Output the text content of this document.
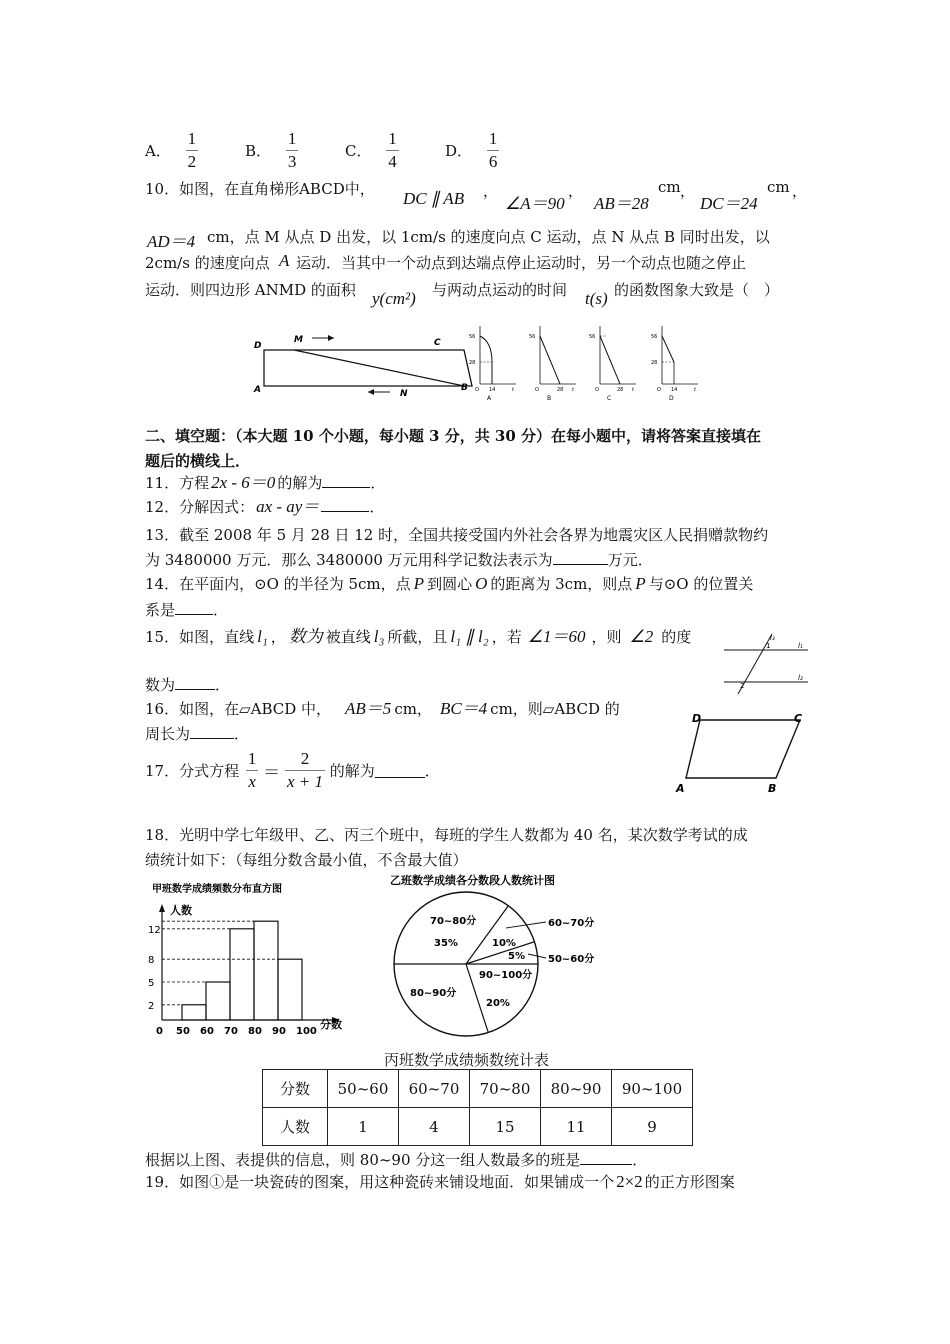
A． $\frac{1}{2}$	B． $\frac{1}{3}$	C． $\frac{1}{4}$	D． $\frac{1}{6}$
10．如图，在直角梯形ABCD中， DC ∥ AB ，
∠A＝90
，
AB＝28
cm ，
DC＝24
cm ，
AD＝4 cm，点 M 从点 D 出发，以 1cm/s 的速度向点 C 运动，点 N 从点 B 同时出发，以
2cm/s 的速度向点 A 运动．当其中一个动点到达端点停止运动时，另一个动点也随之停止
运动．则四边形 ANMD 的面积 y(cm²) 与两动点运动的时间 t(s) 的函数图象大致是（　）
D
M	C
A	N
B
56
28
O 14	t
A
56
O	28 t
B
56
O	28 t
C
56
28
O 14	t
D
二、填空题：（本大题 10 个小题，每小题 3 分，共 30 分）在每小题中，请将答案直接填在
题后的横线上．
11．方程 2x - 6＝0 的解为	．
12．分解因式： ax - ay＝	．
13．截至 2008 年 5 月 28 日 12 时，全国共接受国内外社会各界为地震灾区人民捐赠款物约
为 3480000 万元．那么 3480000 万元用科学记数法表示为	万元．
14．在平面内，⊙O 的半径为 5cm，点 P 到圆心 O 的距离为 3cm，则点 P 与⊙O 的位置关
系是	．
15．如图，直线 l₁ ， 数为 被直线 l₃ 所截，且 l₁ ∥ l₂ ，若 ∠1＝60 ，则 ∠2 的度
数为	．
l₃
l₁
l₂
1
2
16．如图，在▱ABCD 中， AB＝5 cm， BC＝4 cm，则▱ABCD 的
周长为	．
D	C
A	B
17．分式方程 $\frac{1}{x} = \frac{2}{x + 1}$ 的解为	．
18．光明中学七年级甲、乙、丙三个班中，每班的学生人数都为 40 名，某次数学考试的成
绩统计如下：（每组分数含最小值，不含最大值）
甲班数学成绩频数分布直方图
人数
分数
2
5
8
12
0 50 60 70 80 90 100
乙班数学成绩各分数段人数统计图
70~80分
35%	10%
5%
90~100分
20%
80~90分
60~70分
50~60分
丙班数学成绩频数统计表
分数	50~60	60~70	70~80	80~90	90~100
人数	1	4	15	11	9
根据以上图、表提供的信息，则 80~90 分这一组人数最多的班是	．
19．如图①是一块瓷砖的图案，用这种瓷砖来铺设地面．如果铺成一个 2×2 的正方形图案
